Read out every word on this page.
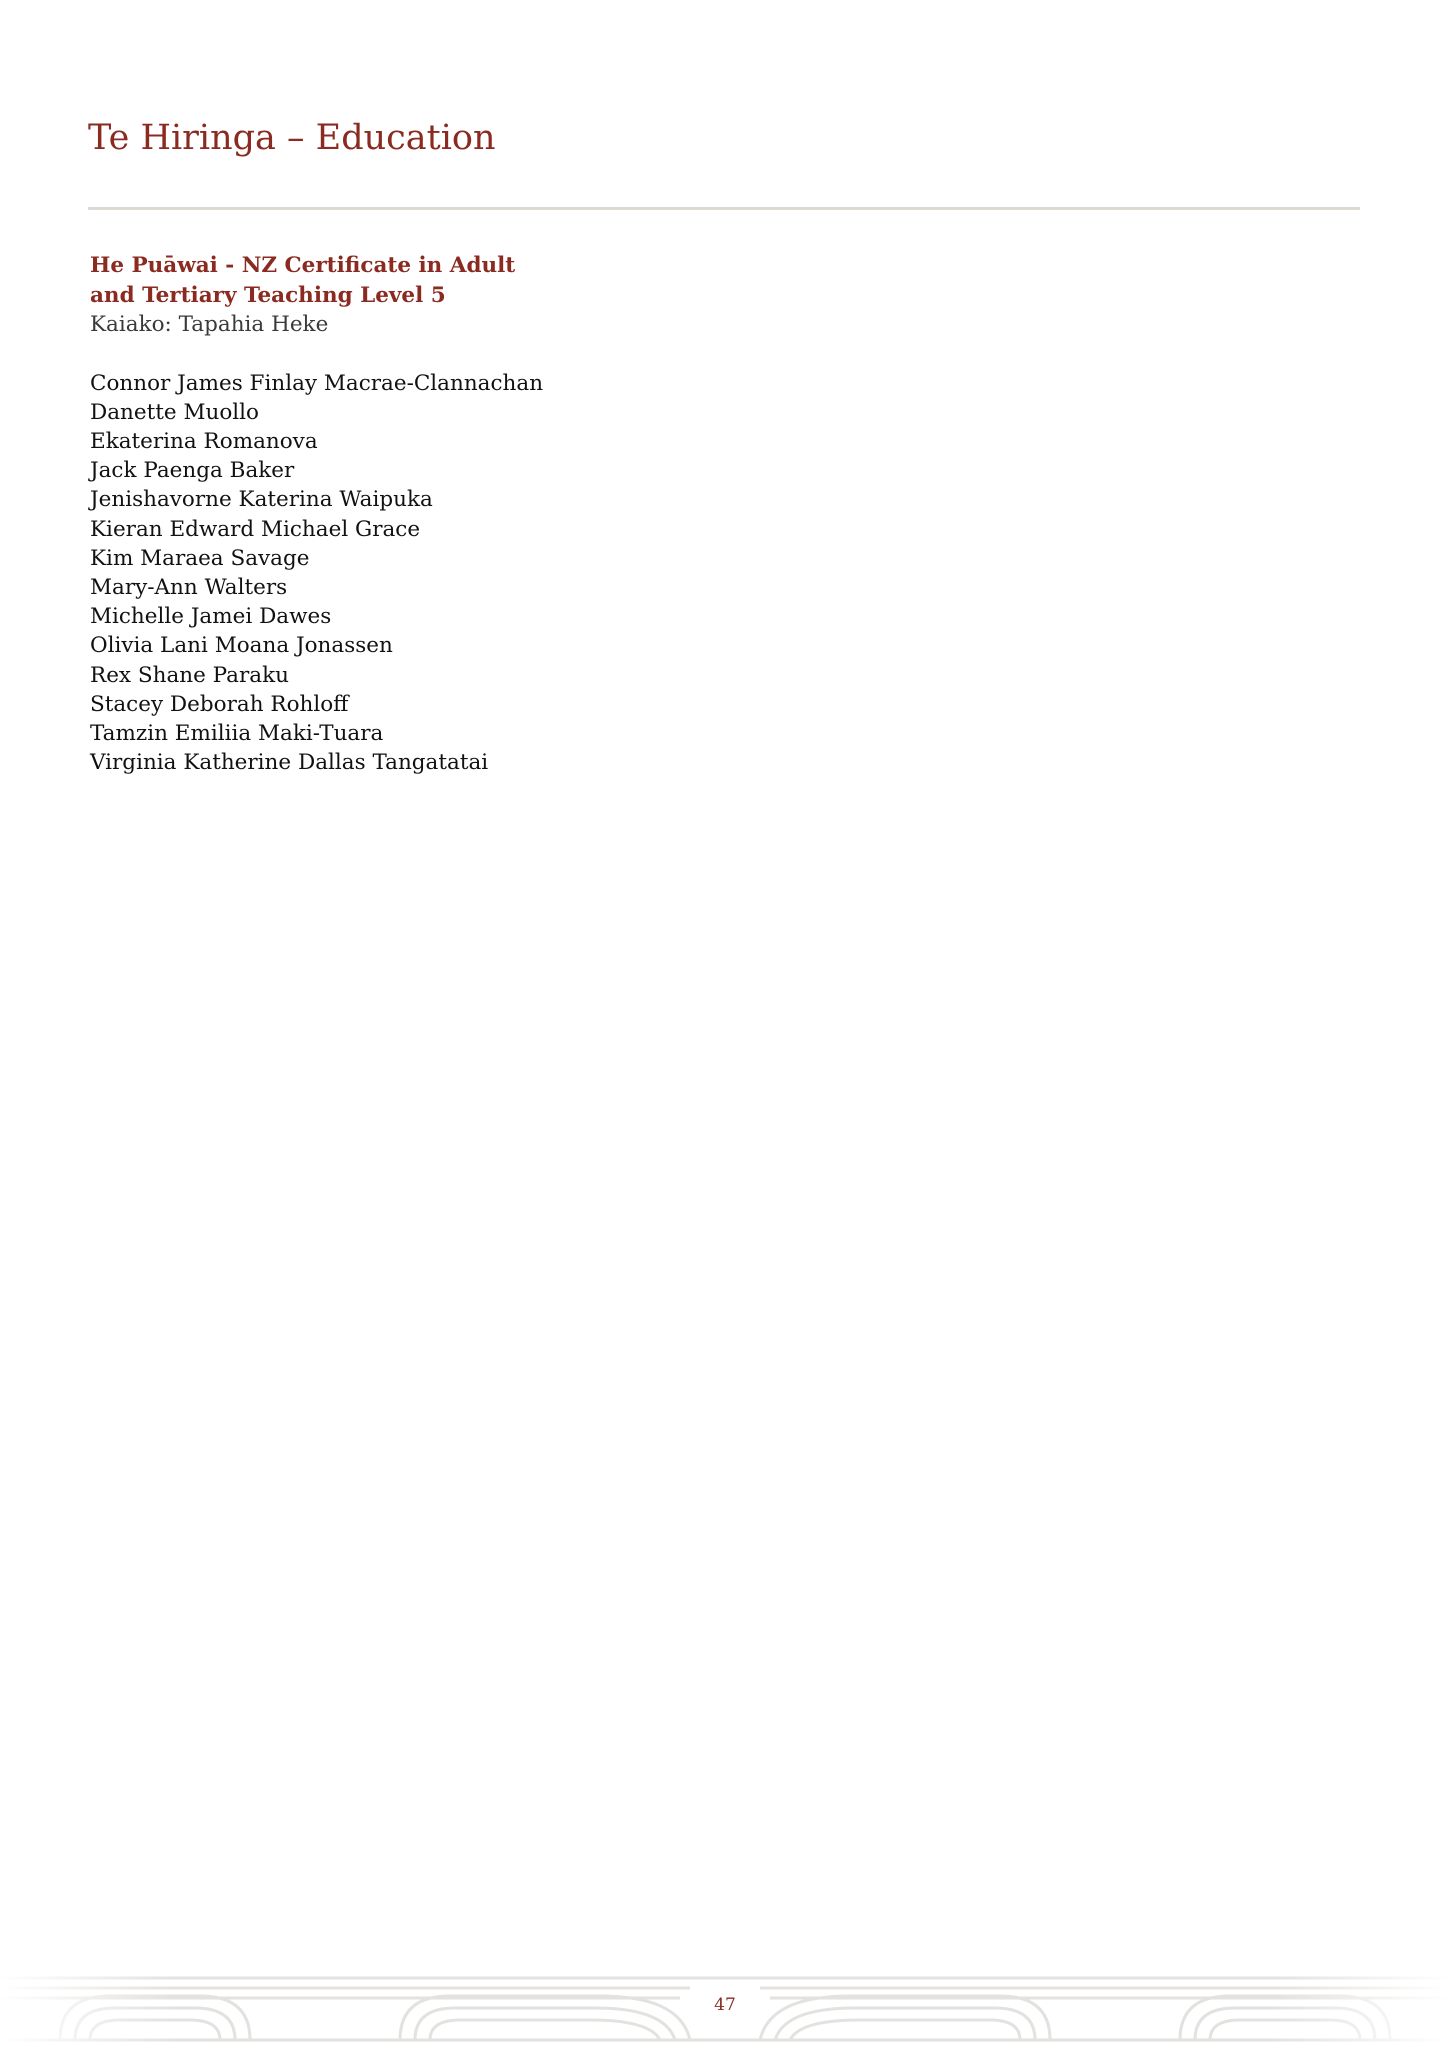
Te Hiringa – Education
He Puāwai - NZ Certificate in Adult
and Tertiary Teaching Level 5
Kaiako: Tapahia Heke
Connor James Finlay Macrae-Clannachan
Danette Muollo
Ekaterina Romanova
Jack Paenga Baker
Jenishavorne Katerina Waipuka
Kieran Edward Michael Grace
Kim Maraea Savage
Mary-Ann Walters
Michelle Jamei Dawes
Olivia Lani Moana Jonassen
Rex Shane Paraku
Stacey Deborah Rohloff
Tamzin Emiliia Maki-Tuara
Virginia Katherine Dallas Tangatatai
47
